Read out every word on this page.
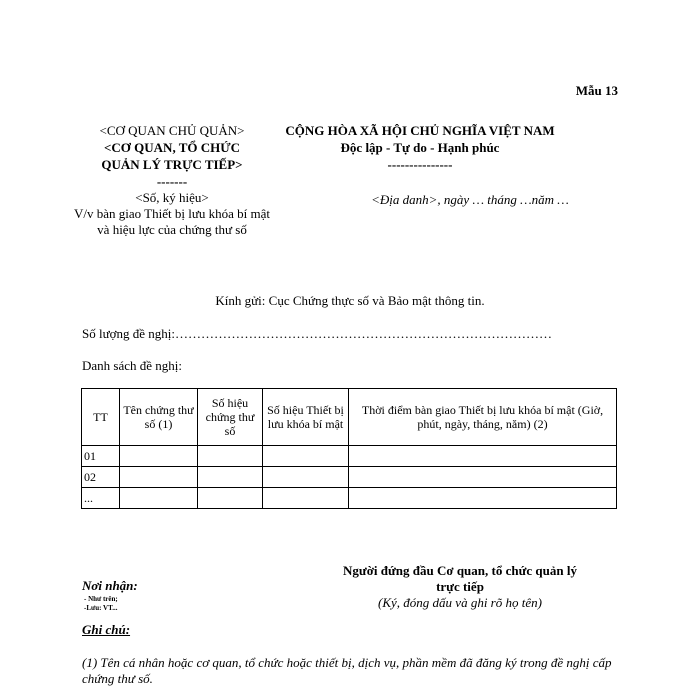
Mẫu 13
<CƠ QUAN CHỦ QUẢN>
<CƠ QUAN, TỔ CHỨC
QUẢN LÝ TRỰC TIẾP>
-------
CỘNG HÒA XÃ HỘI CHỦ NGHĨA VIỆT NAM
Độc lập - Tự do - Hạnh phúc
---------------
<Số, ký hiệu>
V/v bàn giao Thiết bị lưu khóa bí mật và hiệu lực của chứng thư số
<Địa danh>, ngày … tháng …năm …
Kính gửi: Cục Chứng thực số và Bảo mật thông tin.
Số lượng đề nghị:……………………………………………………………………………
Danh sách đề nghị:
TT	Tên chứng thư số (1)	Số hiệu chứng thư số	Số hiệu Thiết bị lưu khóa bí mật	Thời điểm bàn giao Thiết bị lưu khóa bí mật (Giờ, phút, ngày, tháng, năm) (2)
01				
02				
...				
Người đứng đầu Cơ quan, tổ chức quản lý trực tiếp
(Ký, đóng dấu và ghi rõ họ tên)
Nơi nhận:
- Như trên;
-Lưu: VT...
Ghi chú:
(1) Tên cá nhân hoặc cơ quan, tổ chức hoặc thiết bị, dịch vụ, phần mềm đã đăng ký trong đề nghị cấp chứng thư số.
